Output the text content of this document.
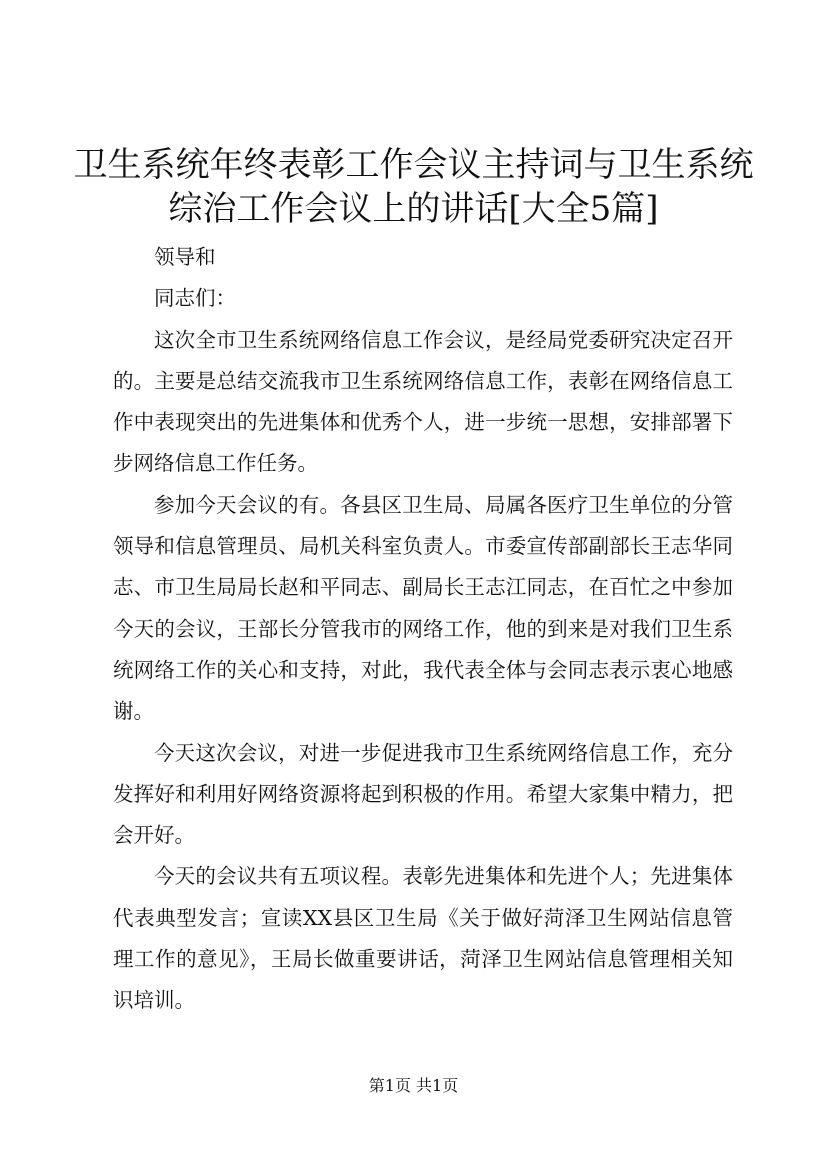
卫生系统年终表彰工作会议主持词与卫生系统
综治工作会议上的讲话[大全5篇]

领导和

同志们：

这次全市卫生系统网络信息工作会议，是经局党委研究决定召开的。主要是总结交流我市卫生系统网络信息工作，表彰在网络信息工作中表现突出的先进集体和优秀个人，进一步统一思想，安排部署下步网络信息工作任务。

参加今天会议的有。各县区卫生局、局属各医疗卫生单位的分管领导和信息管理员、局机关科室负责人。市委宣传部副部长王志华同志、市卫生局局长赵和平同志、副局长王志江同志，在百忙之中参加今天的会议，王部长分管我市的网络工作，他的到来是对我们卫生系统网络工作的关心和支持，对此，我代表全体与会同志表示衷心地感谢。

今天这次会议，对进一步促进我市卫生系统网络信息工作，充分发挥好和利用好网络资源将起到积极的作用。希望大家集中精力，把会开好。

今天的会议共有五项议程。表彰先进集体和先进个人；先进集体代表典型发言；宣读XX县区卫生局《关于做好菏泽卫生网站信息管理工作的意见》，王局长做重要讲话，菏泽卫生网站信息管理相关知识培训。

第1页 共1页
